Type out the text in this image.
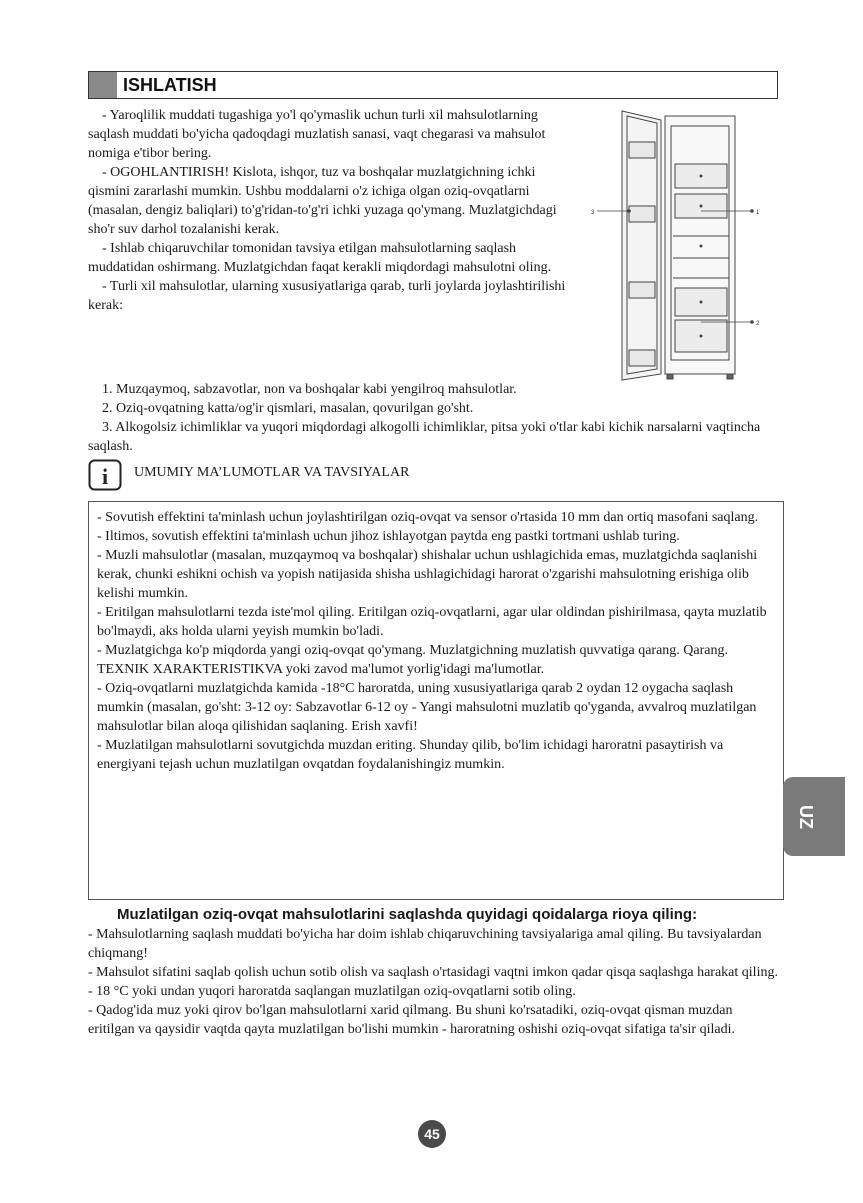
ISHLATISH

- Yaroqlilik muddati tugashiga yo'l qo'ymaslik uchun turli xil mahsulotlarning saqlash muddati bo'yicha qadoqdagi muzlatish sanasi, vaqt chegarasi va mahsulot nomiga e'tibor bering.

- OGOHLANTIRISH! Kislota, ishqor, tuz va boshqalar muzlatgichning ichki qismini zararlashi mumkin. Ushbu moddalarni o'z ichiga olgan oziq-ovqatlarni (masalan, dengiz baliqlari) to'g'ridan-to'g'ri ichki yuzaga qo'ymang. Muzlatgichdagi sho'r suv darhol tozalanishi kerak.

- Ishlab chiqaruvchilar tomonidan tavsiya etilgan mahsulotlarning saqlash muddatidan oshirmang. Muzlatgichdan faqat kerakli miqdordagi mahsulotni oling.

- Turli xil mahsulotlar, ularning xususiyatlariga qarab, turli joylarda joylashtirilishi kerak:

3	1
2

1. Muzqaymoq, sabzavotlar, non va boshqalar kabi yengilroq mahsulotlar.

2. Oziq-ovqatning katta/og'ir qismlari, masalan, qovurilgan go'sht.

3. Alkogolsiz ichimliklar va yuqori miqdordagi alkogolli ichimliklar, pitsa yoki o'tlar kabi kichik narsalarni vaqtincha saqlash.

i UMUMIY MA’LUMOTLAR VA TAVSIYALAR

- Sovutish effektini ta'minlash uchun joylashtirilgan oziq-ovqat va sensor o'rtasida 10 mm dan ortiq masofani saqlang.

- Iltimos, sovutish effektini ta'minlash uchun jihoz ishlayotgan paytda eng pastki tortmani ushlab turing.

- Muzli mahsulotlar (masalan, muzqaymoq va boshqalar) shishalar uchun ushlagichida emas, muzlatgichda saqlanishi kerak, chunki eshikni ochish va yopish natijasida shisha ushlagichidagi harorat o'zgarishi mahsulotning erishiga olib kelishi mumkin.

- Eritilgan mahsulotlarni tezda iste'mol qiling. Eritilgan oziq-ovqatlarni, agar ular oldindan pishirilmasa, qayta muzlatib bo'lmaydi, aks holda ularni yeyish mumkin bo'ladi.

- Muzlatgichga ko'p miqdorda yangi oziq-ovqat qo'ymang. Muzlatgichning muzlatish quvvatiga qarang. Qarang. TEXNIK XARAKTERISTIKVA yoki zavod ma'lumot yorlig'idagi ma'lumotlar.

- Oziq-ovqatlarni muzlatgichda kamida -18°C haroratda, uning xususiyatlariga qarab 2 oydan 12 oygacha saqlash mumkin (masalan, go'sht: 3-12 oy: Sabzavotlar 6-12 oy - Yangi mahsulotni muzlatib qo'yganda, avvalroq muzlatilgan mahsulotlar bilan aloqa qilishidan saqlaning. Erish xavfi!

- Muzlatilgan mahsulotlarni sovutgichda muzdan eriting. Shunday qilib, bo'lim ichidagi haroratni pasaytirish va energiyani tejash uchun muzlatilgan ovqatdan foydalanishingiz mumkin.

Muzlatilgan oziq-ovqat mahsulotlarini saqlashda quyidagi qoidalarga rioya qiling:

- Mahsulotlarning saqlash muddati bo'yicha har doim ishlab chiqaruvchining tavsiyalariga amal qiling. Bu tavsiyalardan chiqmang!

- Mahsulot sifatini saqlab qolish uchun sotib olish va saqlash o'rtasidagi vaqtni imkon qadar qisqa saqlashga harakat qiling.

- 18 °C yoki undan yuqori haroratda saqlangan muzlatilgan oziq-ovqatlarni sotib oling.

- Qadog'ida muz yoki qirov bo'lgan mahsulotlarni xarid qilmang. Bu shuni ko'rsatadiki, oziq-ovqat qisman muzdan eritilgan va qaysidir vaqtda qayta muzlatilgan bo'lishi mumkin - haroratning oshishi oziq-ovqat sifatiga ta'sir qiladi.

UZ
45
